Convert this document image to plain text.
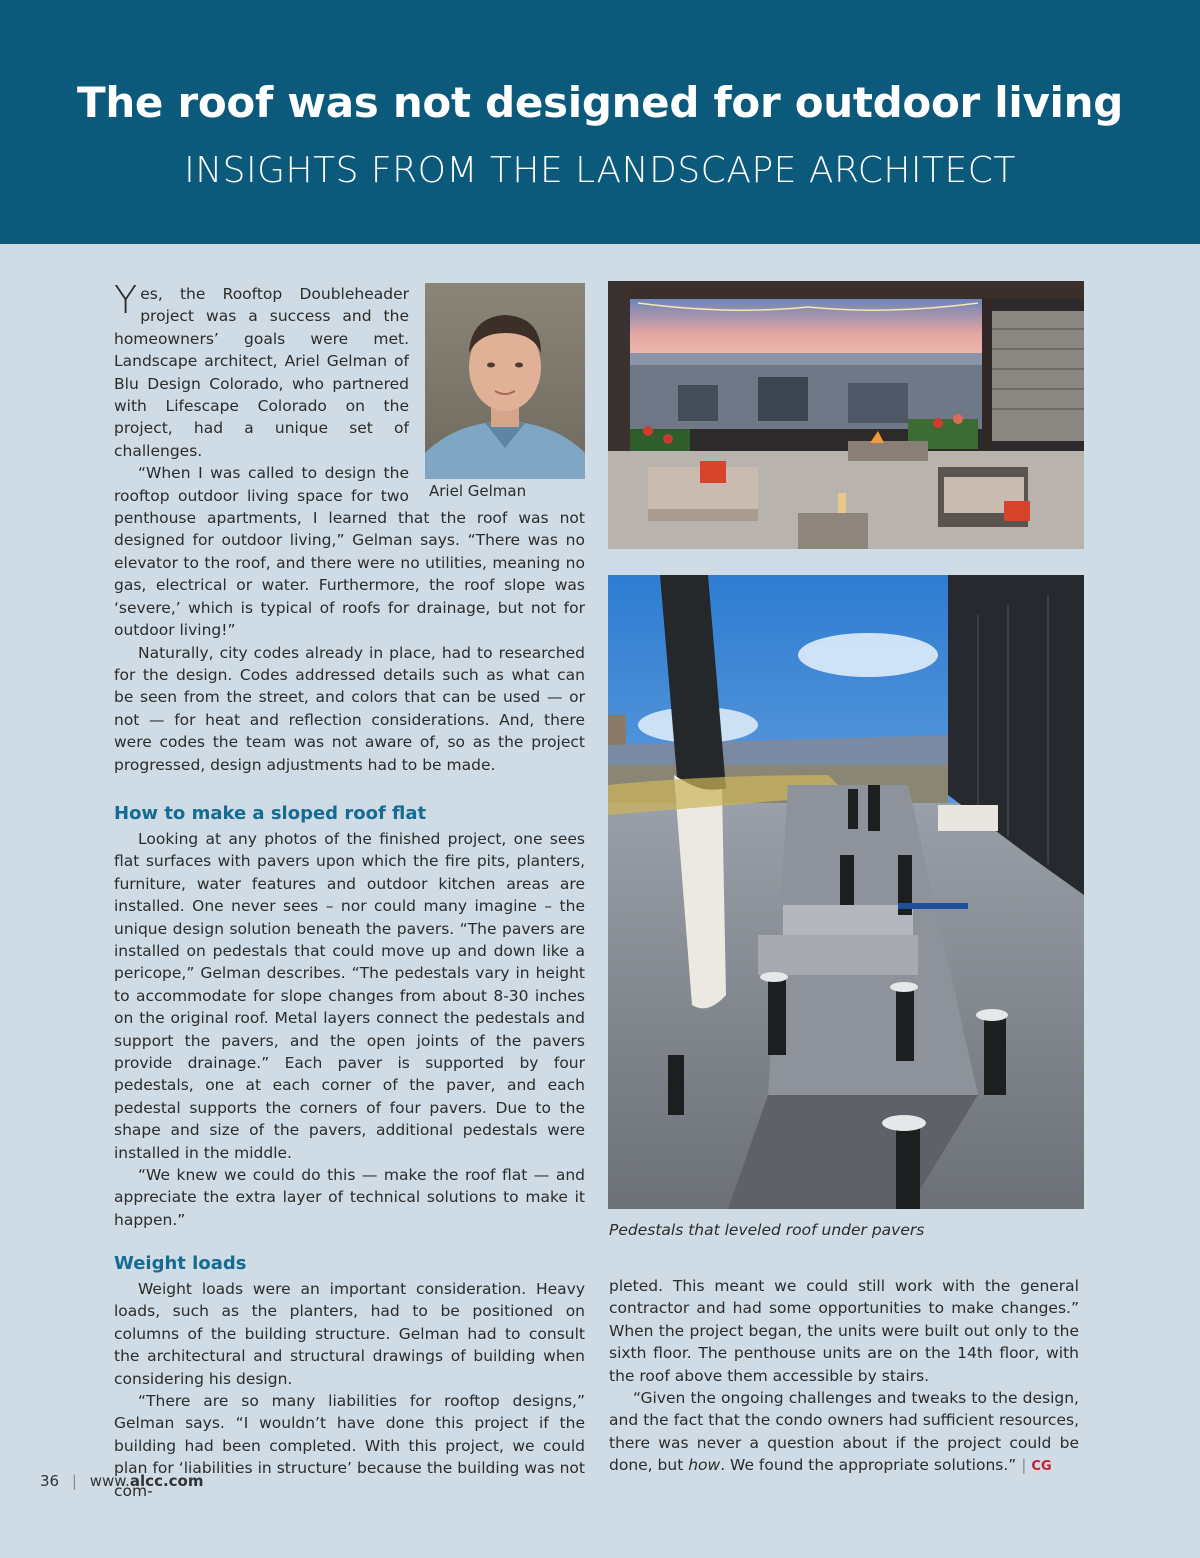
The roof was not designed for outdoor living
INSIGHTS FROM THE LANDSCAPE ARCHITECT
Ariel Gelman

Yes, the Rooftop Doubleheader project was a success and the homeowners’ goals were met. Landscape architect, Ariel Gelman of Blu Design Colorado, who partnered with Lifescape Colorado on the project, had a unique set of challenges.

“When I was called to design the rooftop outdoor living space for two penthouse apartments, I learned that the roof was not designed for outdoor living,” Gelman says. “There was no elevator to the roof, and there were no utilities, meaning no gas, electrical or water. Furthermore, the roof slope was ‘severe,’ which is typical of roofs for drainage, but not for outdoor living!”

Naturally, city codes already in place, had to researched for the design. Codes addressed details such as what can be seen from the street, and colors that can be used — or not — for heat and reflection considerations. And, there were codes the team was not aware of, so as the project progressed, design adjustments had to be made.

How to make a sloped roof flat

Looking at any photos of the finished project, one sees flat surfaces with pavers upon which the fire pits, planters, furniture, water features and outdoor kitchen areas are installed. One never sees – nor could many imagine – the unique design solution beneath the pavers. “The pavers are installed on pedestals that could move up and down like a pericope,” Gelman describes. “The pedestals vary in height to accommodate for slope changes from about 8-30 inches on the original roof. Metal layers connect the pedestals and support the pavers, and the open joints of the pavers provide drainage.” Each paver is supported by four pedestals, one at each corner of the paver, and each pedestal supports the corners of four pavers. Due to the shape and size of the pavers, additional pedestals were installed in the middle.

“We knew we could do this — make the roof flat — and appreciate the extra layer of technical solutions to make it happen.”

Weight loads

Weight loads were an important consideration. Heavy loads, such as the planters, had to be positioned on columns of the building structure. Gelman had to consult the architectural and structural drawings of building when considering his design.

“There are so many liabilities for rooftop designs,” Gelman says. “I wouldn’t have done this project if the building had been completed. With this project, we could plan for ‘liabilities in structure’ because the building was not com-

pleted. This meant we could still work with the general contractor and had some opportunities to make changes.” When the project began, the units were built out only to the sixth floor. The penthouse units are on the 14th floor, with the roof above them accessible by stairs.

“Given the ongoing challenges and tweaks to the design, and the fact that the condo owners had sufficient resources, there was never a question about if the project could be done, but how. We found the appropriate solutions.” | CG

Pedestals that leveled roof under pavers
36 | www.alcc.com
